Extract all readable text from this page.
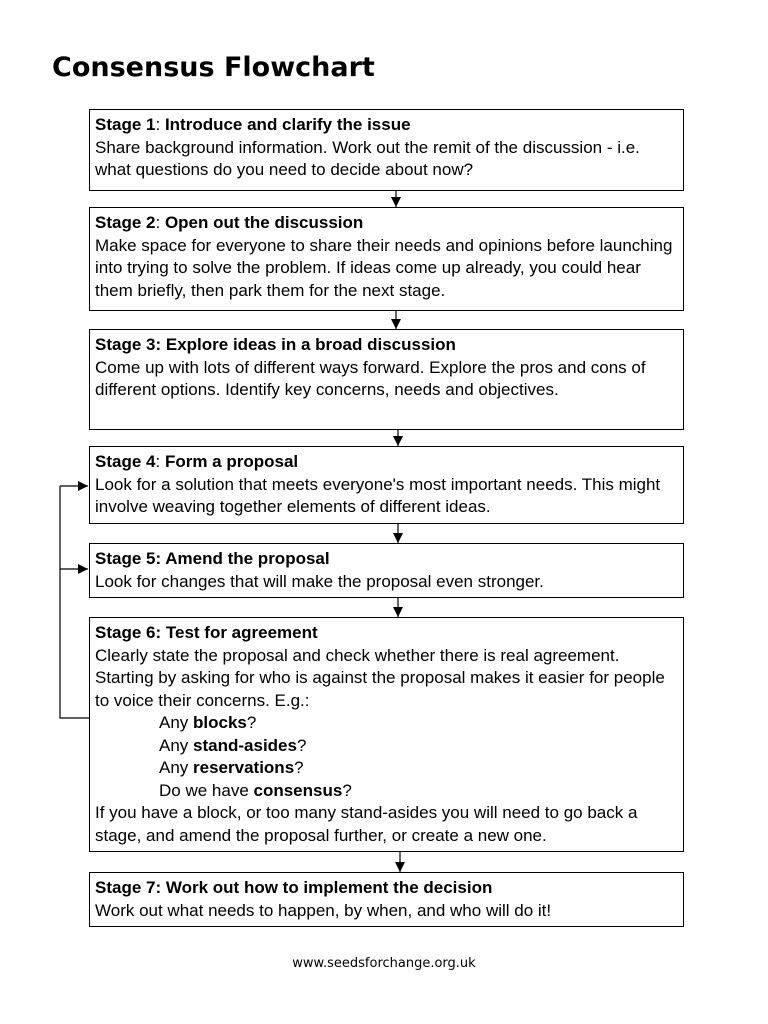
Consensus Flowchart

Stage 1: Introduce and clarify the issue

Share background information. Work out the remit of the discussion - i.e. what questions do you need to decide about now?

Stage 2: Open out the discussion

Make space for everyone to share their needs and opinions before launching into trying to solve the problem. If ideas come up already, you could hear them briefly, then park them for the next stage.

Stage 3: Explore ideas in a broad discussion

Come up with lots of different ways forward. Explore the pros and cons of different options. Identify key concerns, needs and objectives.

Stage 4: Form a proposal

Look for a solution that meets everyone's most important needs. This might involve weaving together elements of different ideas.

Stage 5: Amend the proposal

Look for changes that will make the proposal even stronger.

Stage 6: Test for agreement

Clearly state the proposal and check whether there is real agreement. Starting by asking for who is against the proposal makes it easier for people to voice their concerns. E.g.:

Any blocks?

Any stand-asides?

Any reservations?

Do we have consensus?

If you have a block, or too many stand-asides you will need to go back a stage, and amend the proposal further, or create a new one.

Stage 7: Work out how to implement the decision

Work out what needs to happen, by when, and who will do it!

www.seedsforchange.org.uk
